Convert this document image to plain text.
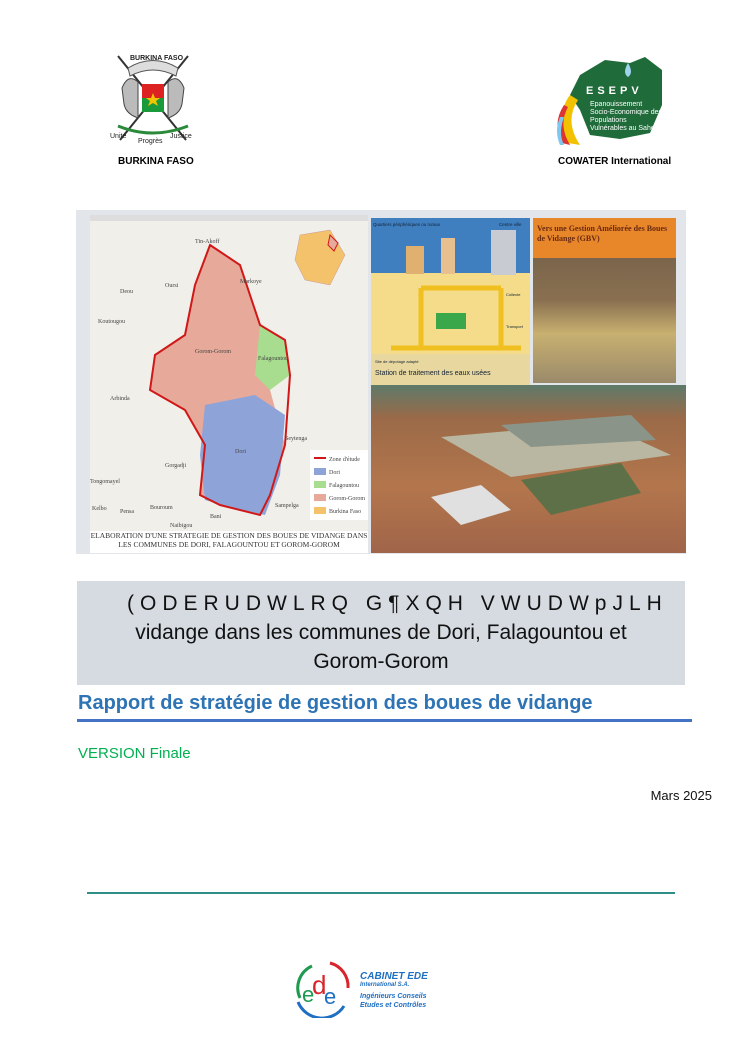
BURKINA FASO
Unité
Progrès
Justice
BURKINA FASO
ESEPV
Epanouissement Socio-Economique des Populations Vulnérables au Sahel
COWATER International
Zone d'étude
Dori
Falagountou
Gorom-Gorom
Burkina Faso
Tin-Akoff
Deou
Oursi
Markoye
Koutougou
Gorom-Gorom
Falagountou
Arbinda
Dori
Seytenga
Gorgadji
Tongomayel
Kelbo Pensa
Bouroum
Bani
Sampelga
Naibigou
ELABORATION D'UNE STRATEGIE DE GESTION DES BOUES DE VIDANGE DANS
LES COMMUNES DE DORI, FALAGOUNTOU ET GOROM-GOROM
Quartiers périphériques ou ruraux	Centre ville
Collecte
Transport
Site de dépotage adapté
Station de traitement des eaux usées
Vers une Gestion Améliorée des Boues de Vidange (GBV)
(ODERUDWLRQ G¶XQH VWUDWpJLH
vidange dans les communes de Dori, Falagountou et
Gorom-Gorom
Rapport de stratégie de gestion des boues de vidange
VERSION Finale
Mars 2025
e
d
e
CABINET EDE
International S.A.
Ingénieurs Conseils
Etudes et Contrôles
